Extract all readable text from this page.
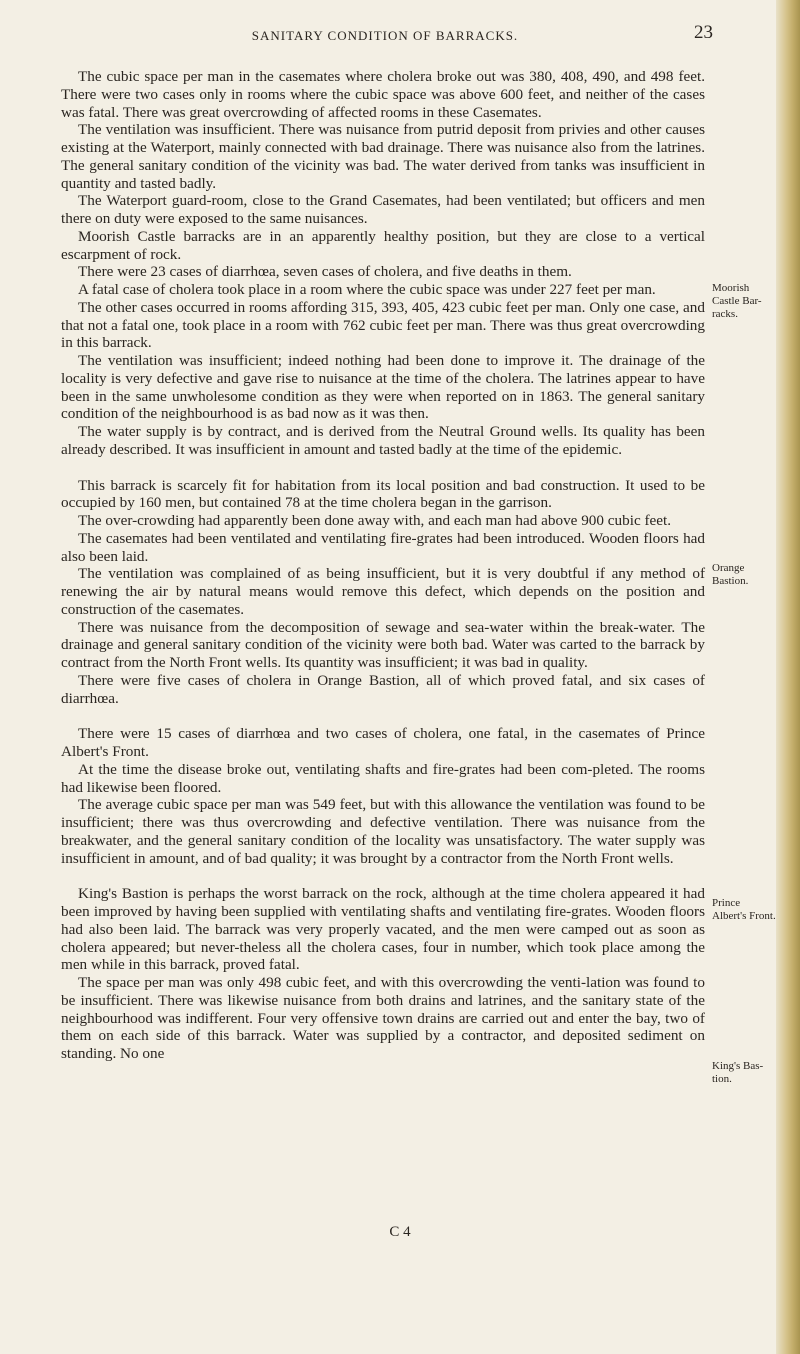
SANITARY CONDITION OF BARRACKS.	23

The cubic space per man in the casemates where cholera broke out was 380, 408, 490, and 498 feet. There were two cases only in rooms where the cubic space was above 600 feet, and neither of the cases was fatal. There was great overcrowding of affected rooms in these Casemates.

The ventilation was insufficient. There was nuisance from putrid deposit from privies and other causes existing at the Waterport, mainly connected with bad drainage. There was nuisance also from the latrines. The general sanitary condition of the vicinity was bad. The water derived from tanks was insufficient in quantity and tasted badly.

The Waterport guard-room, close to the Grand Casemates, had been ventilated; but officers and men there on duty were exposed to the same nuisances.

Moorish Castle barracks are in an apparently healthy position, but they are close to a vertical escarpment of rock.

There were 23 cases of diarrhœa, seven cases of cholera, and five deaths in them.

A fatal case of cholera took place in a room where the cubic space was under 227 feet per man.

The other cases occurred in rooms affording 315, 393, 405, 423 cubic feet per man. Only one case, and that not a fatal one, took place in a room with 762 cubic feet per man. There was thus great overcrowding in this barrack.

The ventilation was insufficient; indeed nothing had been done to improve it. The drainage of the locality is very defective and gave rise to nuisance at the time of the cholera. The latrines appear to have been in the same unwholesome condition as they were when reported on in 1863. The general sanitary condition of the neighbourhood is as bad now as it was then.

The water supply is by contract, and is derived from the Neutral Ground wells. Its quality has been already described. It was insufficient in amount and tasted badly at the time of the epidemic.

This barrack is scarcely fit for habitation from its local position and bad construction. It used to be occupied by 160 men, but contained 78 at the time cholera began in the garrison.

The over-crowding had apparently been done away with, and each man had above 900 cubic feet.

The casemates had been ventilated and ventilating fire-grates had been introduced. Wooden floors had also been laid.

The ventilation was complained of as being insufficient, but it is very doubtful if any method of renewing the air by natural means would remove this defect, which depends on the position and construction of the casemates.

There was nuisance from the decomposition of sewage and sea-water within the break-water. The drainage and general sanitary condition of the vicinity were both bad. Water was carted to the barrack by contract from the North Front wells. Its quantity was insufficient; it was bad in quality.

There were five cases of cholera in Orange Bastion, all of which proved fatal, and six cases of diarrhœa.

There were 15 cases of diarrhœa and two cases of cholera, one fatal, in the casemates of Prince Albert's Front.

At the time the disease broke out, ventilating shafts and fire-grates had been com-pleted. The rooms had likewise been floored.

The average cubic space per man was 549 feet, but with this allowance the ventilation was found to be insufficient; there was thus overcrowding and defective ventilation. There was nuisance from the breakwater, and the general sanitary condition of the locality was unsatisfactory. The water supply was insufficient in amount, and of bad quality; it was brought by a contractor from the North Front wells.

King's Bastion is perhaps the worst barrack on the rock, although at the time cholera appeared it had been improved by having been supplied with ventilating shafts and ventilating fire-grates. Wooden floors had also been laid. The barrack was very properly vacated, and the men were camped out as soon as cholera appeared; but never-theless all the cholera cases, four in number, which took place among the men while in this barrack, proved fatal.

The space per man was only 498 cubic feet, and with this overcrowding the venti-lation was found to be insufficient. There was likewise nuisance from both drains and latrines, and the sanitary state of the neighbourhood was indifferent. Four very offensive town drains are carried out and enter the bay, two of them on each side of this barrack. Water was supplied by a contractor, and deposited sediment on standing. No one

Moorish Castle Bar-racks.
Orange Bastion.
Prince Albert's Front.
King's Bas-tion.
C 4
